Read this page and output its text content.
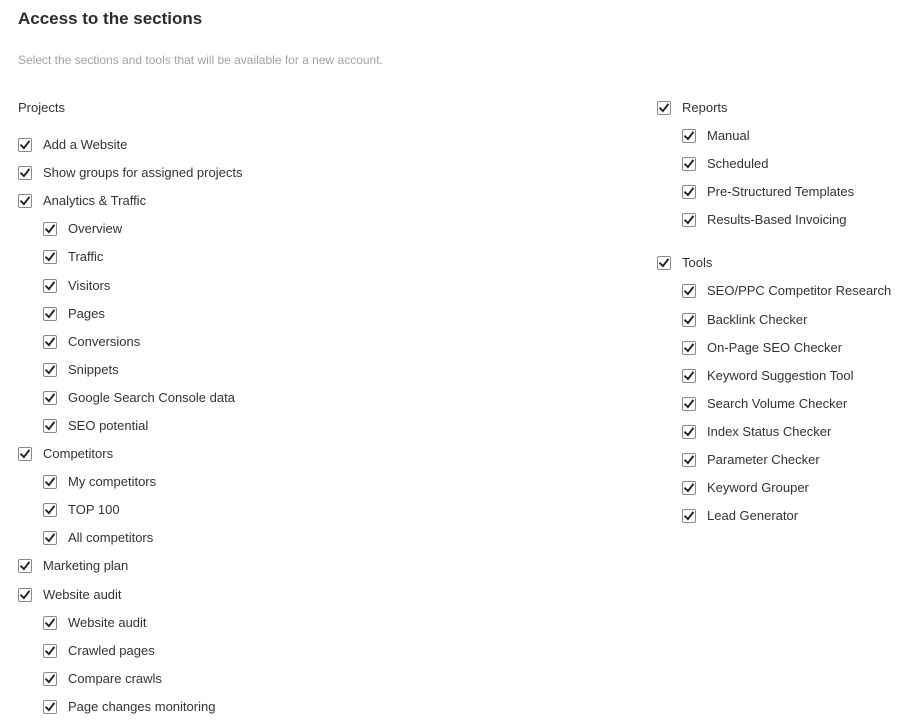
Access to the sections
Select the sections and tools that will be available for a new account.
Projects
Add a Website
Show groups for assigned projects
Analytics & Traffic
Overview
Traffic
Visitors
Pages
Conversions
Snippets
Google Search Console data
SEO potential
Competitors
My competitors
TOP 100
All competitors
Marketing plan
Website audit
Website audit
Crawled pages
Compare crawls
Page changes monitoring
Reports
Manual
Scheduled
Pre-Structured Templates
Results-Based Invoicing
Tools
SEO/PPC Competitor Research
Backlink Checker
On-Page SEO Checker
Keyword Suggestion Tool
Search Volume Checker
Index Status Checker
Parameter Checker
Keyword Grouper
Lead Generator
